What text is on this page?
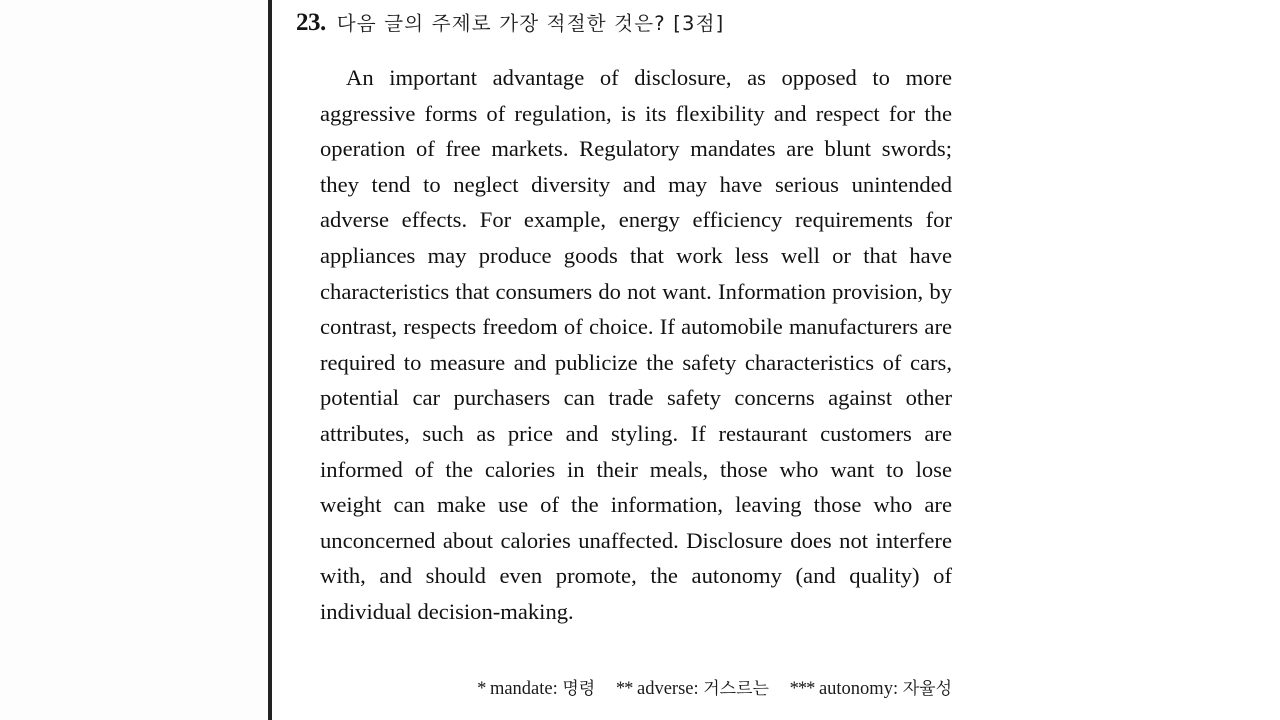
23. 다음 글의 주제로 가장 적절한 것은? [3점]
An important advantage of disclosure, as opposed to more aggressive forms of regulation, is its flexibility and respect for the operation of free markets. Regulatory mandates are blunt swords; they tend to neglect diversity and may have serious unintended adverse effects. For example, energy efficiency requirements for appliances may produce goods that work less well or that have characteristics that consumers do not want. Information provision, by contrast, respects freedom of choice. If automobile manufacturers are required to measure and publicize the safety characteristics of cars, potential car purchasers can trade safety concerns against other attributes, such as price and styling. If restaurant customers are informed of the calories in their meals, those who want to lose weight can make use of the information, leaving those who are unconcerned about calories unaffected. Disclosure does not interfere with, and should even promote, the autonomy (and quality) of individual decision-making.
* mandate: 명령 ** adverse: 거스르는 *** autonomy: 자율성
